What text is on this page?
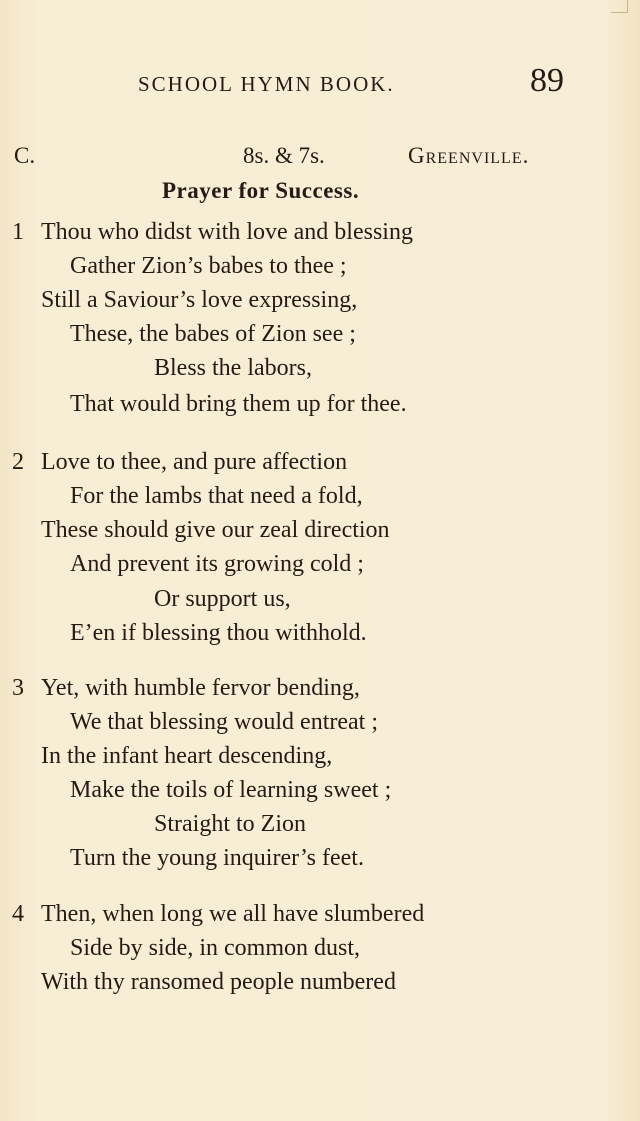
SCHOOL HYMN BOOK.	89
C.	8s. & 7s.	Greenville.
Prayer for Success.
1 Thou who didst with love and blessing
Gather Zion’s babes to thee ;
Still a Saviour’s love expressing,
These, the babes of Zion see ;
Bless the labors,
That would bring them up for thee.
2 Love to thee, and pure affection
For the lambs that need a fold,
These should give our zeal direction
And prevent its growing cold ;
Or support us,
E’en if blessing thou withhold.
3 Yet, with humble fervor bending,
We that blessing would entreat ;
In the infant heart descending,
Make the toils of learning sweet ;
Straight to Zion
Turn the young inquirer’s feet.
4 Then, when long we all have slumbered
Side by side, in common dust,
With thy ransomed people numbered
